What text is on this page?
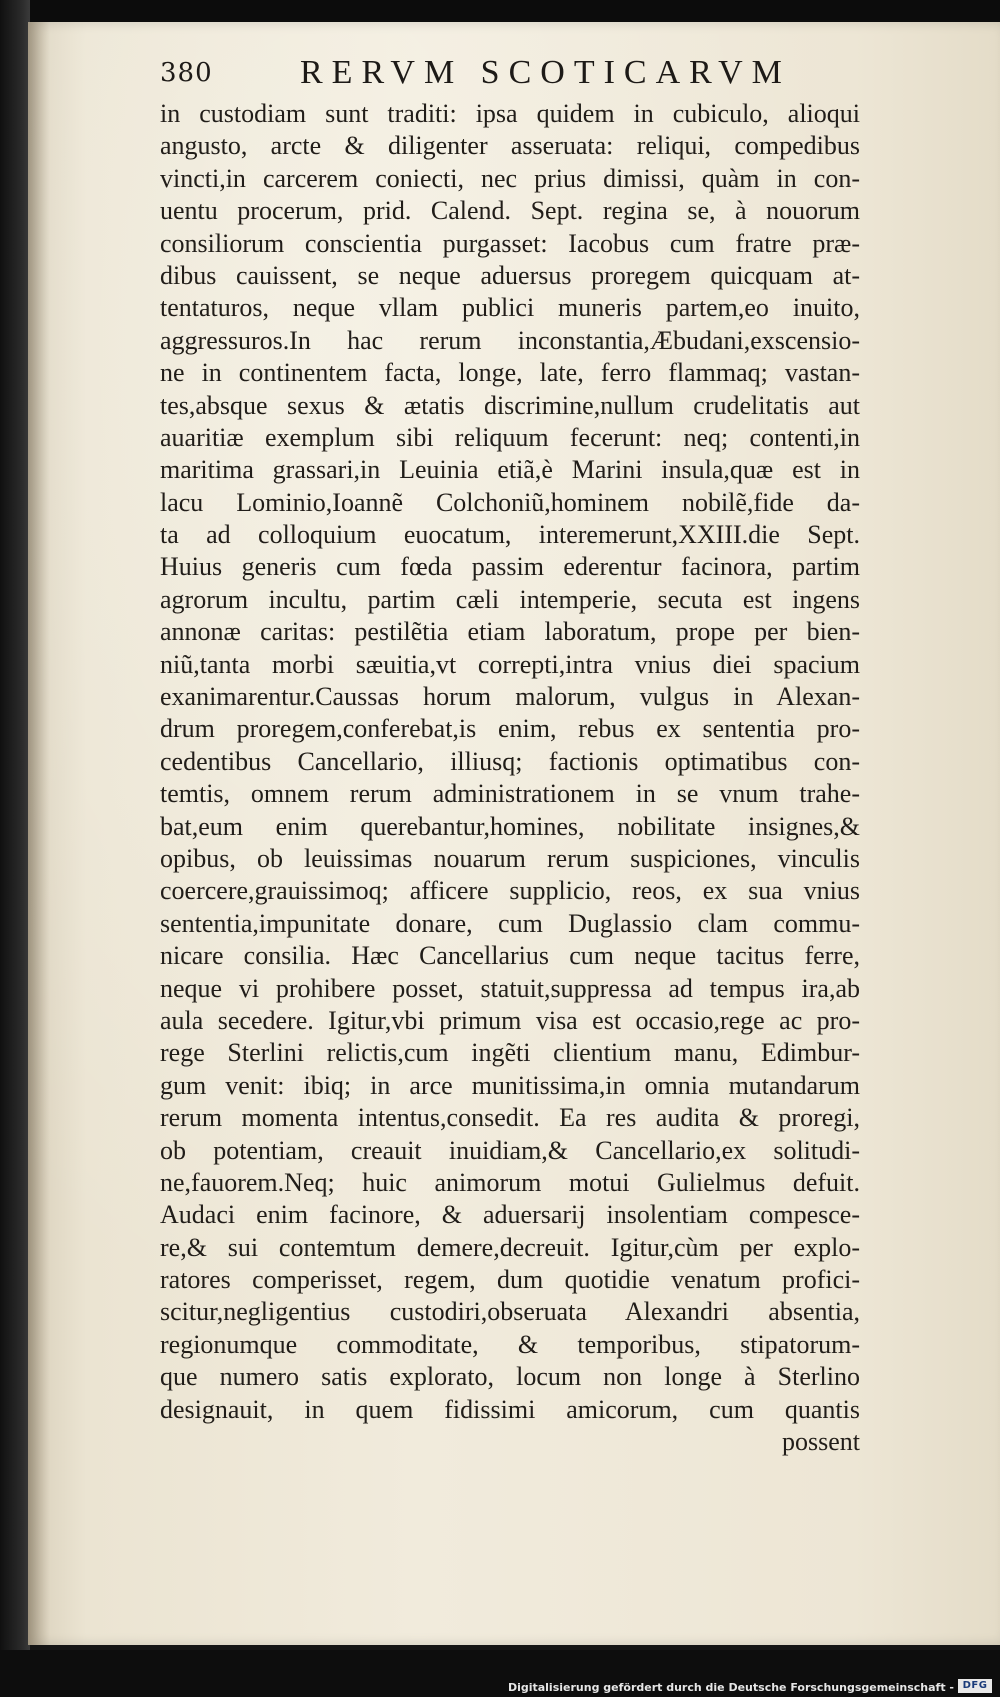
380	RERVM SCOTICARVM
in custodiam sunt traditi: ipsa quidem in cubiculo, alioqui
angusto, arcte & diligenter asseruata: reliqui, compedibus
vincti,in carcerem coniecti, nec prius dimissi, quàm in con-
uentu procerum, prid. Calend. Sept. regina se, à nouorum
consiliorum conscientia purgasset: Iacobus cum fratre præ-
dibus cauissent, se neque aduersus proregem quicquam at-
tentaturos, neque vllam publici muneris partem,eo inuito,
aggressuros.In hac rerum inconstantia,Æbudani,exscensio-
ne in continentem facta, longe, late, ferro flammaq; vastan-
tes,absque sexus & ætatis discrimine,nullum crudelitatis aut
auaritiæ exemplum sibi reliquum fecerunt: neq; contenti,in
maritima grassari,in Leuinia etiã,è Marini insula,quæ est in
lacu Lominio,Ioannẽ Colchoniũ,hominem nobilẽ,fide da-
ta ad colloquium euocatum, interemerunt,XXIII.die Sept.
Huius generis cum fœda passim ederentur facinora, partim
agrorum incultu, partim cæli intemperie, secuta est ingens
annonæ caritas: pestilẽtia etiam laboratum, prope per bien-
niũ,tanta morbi sæuitia,vt correpti,intra vnius diei spacium
exanimarentur.Caussas horum malorum, vulgus in Alexan-
drum proregem,conferebat,is enim, rebus ex sententia pro-
cedentibus Cancellario, illiusq; factionis optimatibus con-
temtis, omnem rerum administrationem in se vnum trahe-
bat,eum enim querebantur,homines, nobilitate insignes,&
opibus, ob leuissimas nouarum rerum suspiciones, vinculis
coercere,grauissimoq; afficere supplicio, reos, ex sua vnius
sententia,impunitate donare, cum Duglassio clam commu-
nicare consilia. Hæc Cancellarius cum neque tacitus ferre,
neque vi prohibere posset, statuit,suppressa ad tempus ira,ab
aula secedere. Igitur,vbi primum visa est occasio,rege ac pro-
rege Sterlini relictis,cum ingẽti clientium manu, Edimbur-
gum venit: ibiq; in arce munitissima,in omnia mutandarum
rerum momenta intentus,consedit. Ea res audita & proregi,
ob potentiam, creauit inuidiam,& Cancellario,ex solitudi-
ne,fauorem.Neq; huic animorum motui Gulielmus defuit.
Audaci enim facinore, & aduersarij insolentiam compesce-
re,& sui contemtum demere,decreuit. Igitur,cùm per explo-
ratores comperisset, regem, dum quotidie venatum profici-
scitur,negligentius custodiri,obseruata Alexandri absentia,
regionumque commoditate, & temporibus, stipatorum-
que numero satis explorato, locum non longe à Sterlino
designauit, in quem fidissimi amicorum, cum quantis
possent
Digitalisierung gefördert durch die Deutsche Forschungsgemeinschaft - DFG
